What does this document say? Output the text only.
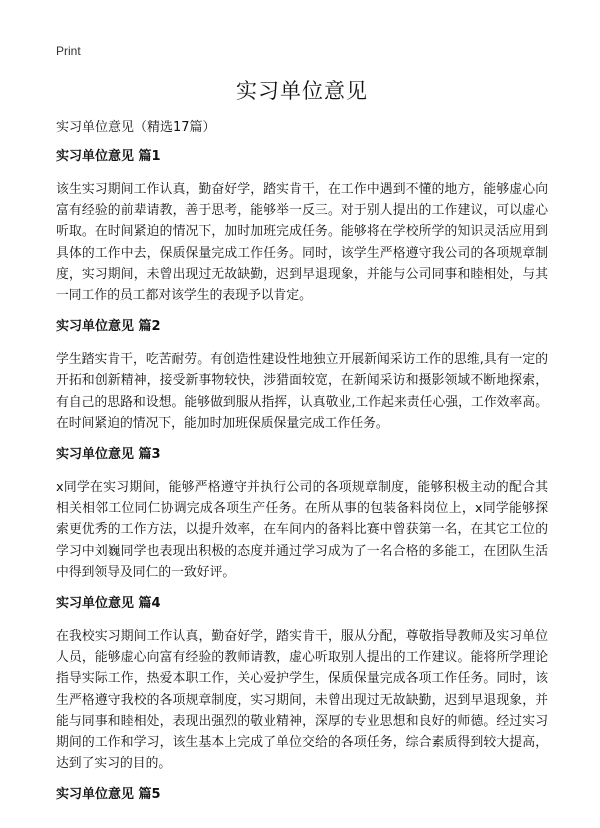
Print
实习单位意见
实习单位意见（精选17篇）
实习单位意见 篇1

该生实习期间工作认真，勤奋好学，踏实肯干，在工作中遇到不懂的地方，能够虚心向富有经验的前辈请教，善于思考，能够举一反三。对于别人提出的工作建议，可以虚心听取。在时间紧迫的情况下，加时加班完成任务。能够将在学校所学的知识灵活应用到具体的工作中去，保质保量完成工作任务。同时，该学生严格遵守我公司的各项规章制度，实习期间，未曾出现过无故缺勤，迟到早退现象，并能与公司同事和睦相处，与其一同工作的员工都对该学生的表现予以肯定。

实习单位意见 篇2

学生踏实肯干，吃苦耐劳。有创造性建设性地独立开展新闻采访工作的思维,具有一定的开拓和创新精神，接受新事物较快，涉猎面较宽，在新闻采访和摄影领域不断地探索，有自己的思路和设想。能够做到服从指挥，认真敬业,工作起来责任心强，工作效率高。在时间紧迫的情况下，能加时加班保质保量完成工作任务。

实习单位意见 篇3

x同学在实习期间，能够严格遵守并执行公司的各项规章制度，能够积极主动的配合其相关相邻工位同仁协调完成各项生产任务。在所从事的包装备料岗位上，x同学能够探索更优秀的工作方法，以提升效率，在车间内的备料比赛中曾获第一名，在其它工位的学习中刘巍同学也表现出积极的态度并通过学习成为了一名合格的多能工，在团队生活中得到领导及同仁的一致好评。

实习单位意见 篇4

在我校实习期间工作认真，勤奋好学，踏实肯干，服从分配，尊敬指导教师及实习单位人员，能够虚心向富有经验的教师请教，虚心听取别人提出的工作建议。能将所学理论指导实际工作，热爱本职工作，关心爱护学生，保质保量完成各项工作任务。同时，该生严格遵守我校的各项规章制度，实习期间，未曾出现过无故缺勤，迟到早退现象，并能与同事和睦相处，表现出强烈的敬业精神，深厚的专业思想和良好的师德。经过实习期间的工作和学习，该生基本上完成了单位交给的各项任务，综合素质得到较大提高，达到了实习的目的。

实习单位意见 篇5
